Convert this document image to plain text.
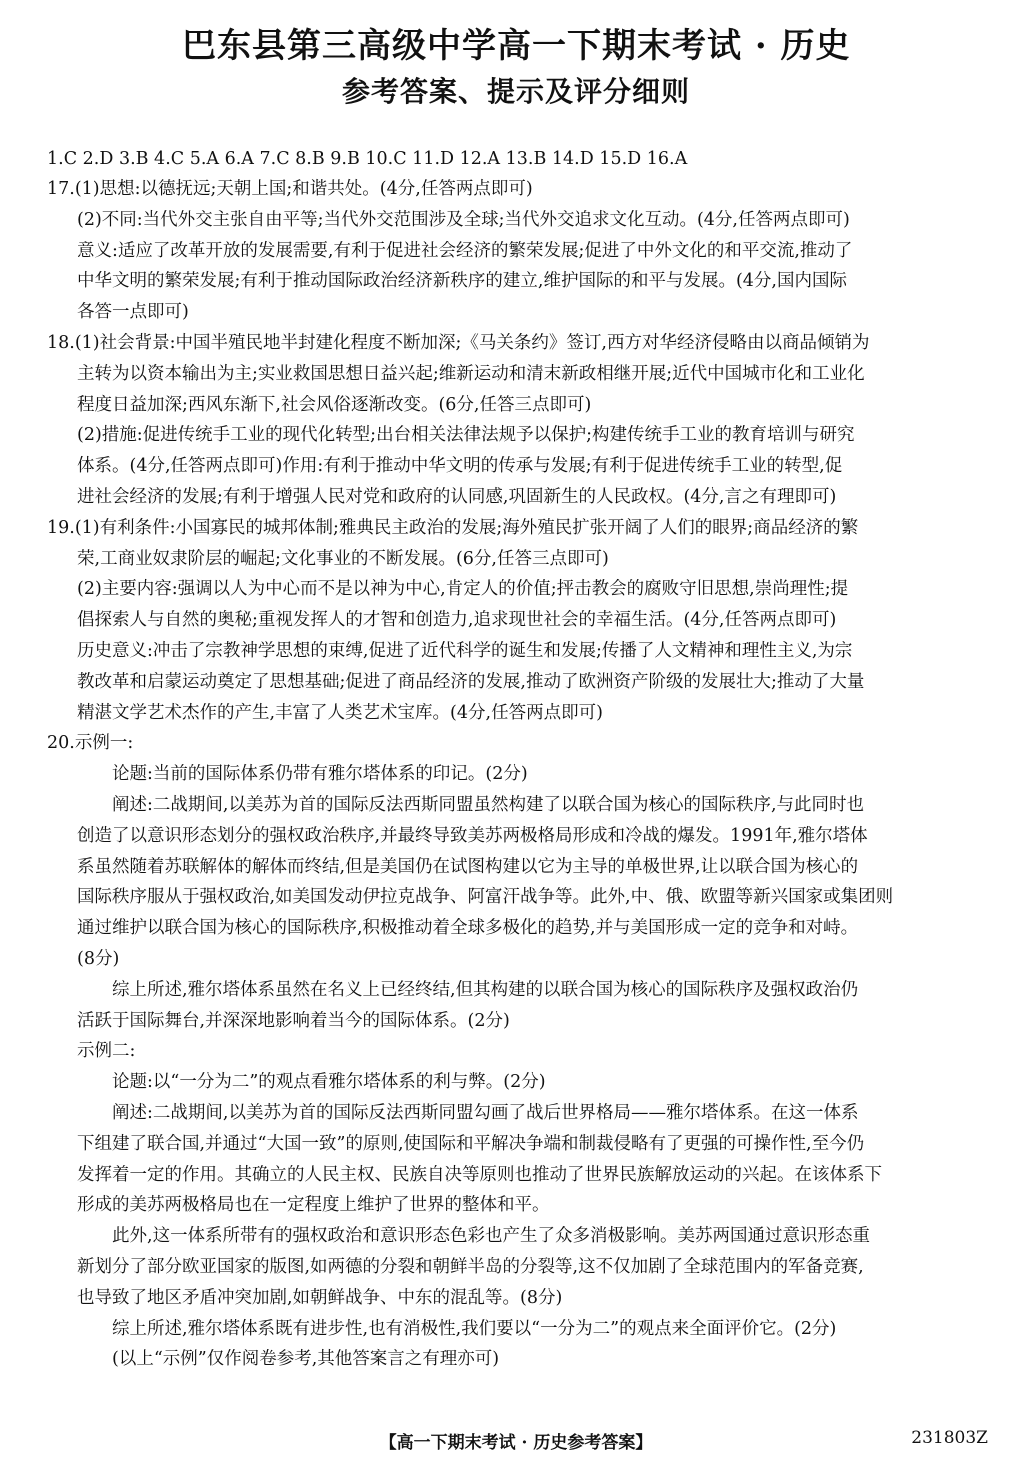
巴东县第三高级中学高一下期末考试 · 历史
参考答案、提示及评分细则
1.C 2.D 3.B 4.C 5.A 6.A 7.C 8.B 9.B 10.C 11.D 12.A 13.B 14.D 15.D 16.A
17.(1)思想:以德抚远;天朝上国;和谐共处。(4分,任答两点即可)
(2)不同:当代外交主张自由平等;当代外交范围涉及全球;当代外交追求文化互动。(4分,任答两点即可)
意义:适应了改革开放的发展需要,有利于促进社会经济的繁荣发展;促进了中外文化的和平交流,推动了
中华文明的繁荣发展;有利于推动国际政治经济新秩序的建立,维护国际的和平与发展。(4分,国内国际
各答一点即可)
18.(1)社会背景:中国半殖民地半封建化程度不断加深;《马关条约》签订,西方对华经济侵略由以商品倾销为
主转为以资本输出为主;实业救国思想日益兴起;维新运动和清末新政相继开展;近代中国城市化和工业化
程度日益加深;西风东渐下,社会风俗逐渐改变。(6分,任答三点即可)
(2)措施:促进传统手工业的现代化转型;出台相关法律法规予以保护;构建传统手工业的教育培训与研究
体系。(4分,任答两点即可)作用:有利于推动中华文明的传承与发展;有利于促进传统手工业的转型,促
进社会经济的发展;有利于增强人民对党和政府的认同感,巩固新生的人民政权。(4分,言之有理即可)
19.(1)有利条件:小国寡民的城邦体制;雅典民主政治的发展;海外殖民扩张开阔了人们的眼界;商品经济的繁
荣,工商业奴隶阶层的崛起;文化事业的不断发展。(6分,任答三点即可)
(2)主要内容:强调以人为中心而不是以神为中心,肯定人的价值;抨击教会的腐败守旧思想,崇尚理性;提
倡探索人与自然的奥秘;重视发挥人的才智和创造力,追求现世社会的幸福生活。(4分,任答两点即可)
历史意义:冲击了宗教神学思想的束缚,促进了近代科学的诞生和发展;传播了人文精神和理性主义,为宗
教改革和启蒙运动奠定了思想基础;促进了商品经济的发展,推动了欧洲资产阶级的发展壮大;推动了大量
精湛文学艺术杰作的产生,丰富了人类艺术宝库。(4分,任答两点即可)
20.示例一:
论题:当前的国际体系仍带有雅尔塔体系的印记。(2分)
阐述:二战期间,以美苏为首的国际反法西斯同盟虽然构建了以联合国为核心的国际秩序,与此同时也
创造了以意识形态划分的强权政治秩序,并最终导致美苏两极格局形成和冷战的爆发。1991年,雅尔塔体
系虽然随着苏联解体的解体而终结,但是美国仍在试图构建以它为主导的单极世界,让以联合国为核心的
国际秩序服从于强权政治,如美国发动伊拉克战争、阿富汗战争等。此外,中、俄、欧盟等新兴国家或集团则
通过维护以联合国为核心的国际秩序,积极推动着全球多极化的趋势,并与美国形成一定的竞争和对峙。
(8分)
综上所述,雅尔塔体系虽然在名义上已经终结,但其构建的以联合国为核心的国际秩序及强权政治仍
活跃于国际舞台,并深深地影响着当今的国际体系。(2分)
示例二:
论题:以“一分为二”的观点看雅尔塔体系的利与弊。(2分)
阐述:二战期间,以美苏为首的国际反法西斯同盟勾画了战后世界格局——雅尔塔体系。在这一体系
下组建了联合国,并通过“大国一致”的原则,使国际和平解决争端和制裁侵略有了更强的可操作性,至今仍
发挥着一定的作用。其确立的人民主权、民族自决等原则也推动了世界民族解放运动的兴起。在该体系下
形成的美苏两极格局也在一定程度上维护了世界的整体和平。
此外,这一体系所带有的强权政治和意识形态色彩也产生了众多消极影响。美苏两国通过意识形态重
新划分了部分欧亚国家的版图,如两德的分裂和朝鲜半岛的分裂等,这不仅加剧了全球范围内的军备竞赛,
也导致了地区矛盾冲突加剧,如朝鲜战争、中东的混乱等。(8分)
综上所述,雅尔塔体系既有进步性,也有消极性,我们要以“一分为二”的观点来全面评价它。(2分)
(以上“示例”仅作阅卷参考,其他答案言之有理亦可)
【高一下期末考试 · 历史参考答案】	231803Z
